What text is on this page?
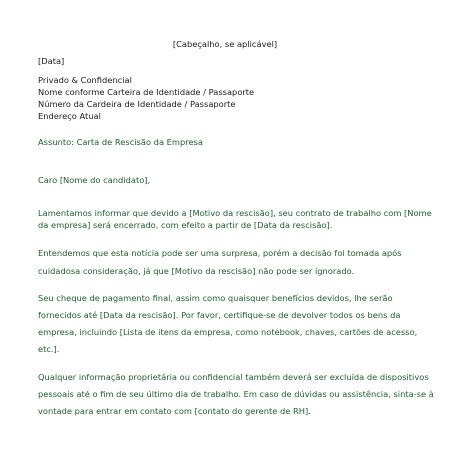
[Cabeçalho, se aplicável]
[Data]
Privado & Confidencial
Nome conforme Carteira de Identidade / Passaporte
Número da Cardeira de Identidade / Passaporte
Endereço Atual
Assunto: Carta de Rescisão da Empresa
Caro [Nome do candidato],
Lamentamos informar que devido a [Motivo da rescisão], seu contrato de trabalho com [Nome
da empresa] será encerrado, com efeito a partir de [Data da rescisão].
Entendemos que esta notícia pode ser uma surpresa, porém a decisão foi tomada após
cuidadosa consideração, já que [Motivo da rescisão] não pode ser ignorado.
Seu cheque de pagamento final, assim como quaisquer benefícios devidos, lhe serão
fornecidos até [Data da rescisão]. Por favor, certifique-se de devolver todos os bens da
empresa, incluindo [Lista de itens da empresa, como notebook, chaves, cartões de acesso,
etc.].
Qualquer informação proprietária ou confidencial também deverá ser excluída de dispositivos
pessoais até o fim de seu último dia de trabalho. Em caso de dúvidas ou assistência, sinta-se à
vontade para entrar em contato com [contato do gerente de RH].
